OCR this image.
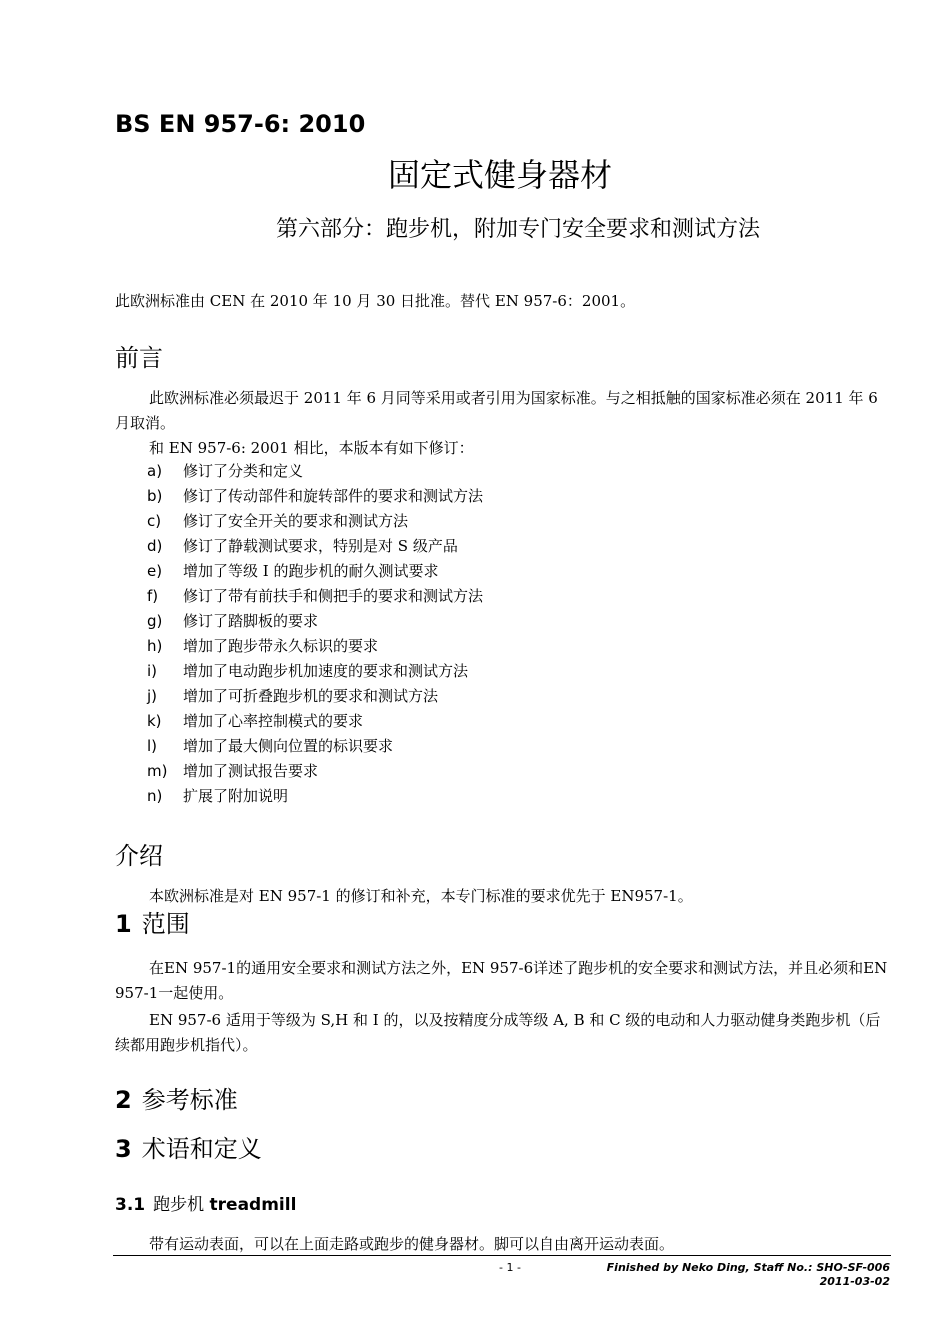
BS EN 957-6: 2010
固定式健身器材
第六部分：跑步机，附加专门安全要求和测试方法
此欧洲标准由 CEN 在 2010 年 10 月 30 日批准。替代 EN 957-6：2001。
前言
此欧洲标准必须最迟于 2011 年 6 月同等采用或者引用为国家标准。与之相抵触的国家标准必须在 2011 年 6 月取消。
和 EN 957-6: 2001 相比，本版本有如下修订：
a)	修订了分类和定义
b)	修订了传动部件和旋转部件的要求和测试方法
c)	修订了安全开关的要求和测试方法
d)	修订了静载测试要求，特别是对 S 级产品
e)	增加了等级 I 的跑步机的耐久测试要求
f)	修订了带有前扶手和侧把手的要求和测试方法
g)	修订了踏脚板的要求
h)	增加了跑步带永久标识的要求
i)	增加了电动跑步机加速度的要求和测试方法
j)	增加了可折叠跑步机的要求和测试方法
k)	增加了心率控制模式的要求
l)	增加了最大侧向位置的标识要求
m)	增加了测试报告要求
n)	扩展了附加说明
介绍
本欧洲标准是对 EN 957-1 的修订和补充，本专门标准的要求优先于 EN957-1。
1 范围
在EN 957-1的通用安全要求和测试方法之外，EN 957-6详述了跑步机的安全要求和测试方法，并且必须和EN 957-1一起使用。
EN 957-6 适用于等级为 S,H 和 I 的，以及按精度分成等级 A, B 和 C 级的电动和人力驱动健身类跑步机（后续都用跑步机指代）。
2 参考标准
3 术语和定义
3.1 跑步机 treadmill
带有运动表面，可以在上面走路或跑步的健身器材。脚可以自由离开运动表面。
- 1 -	Finished by Neko Ding, Staff No.: SHO-SF-006
2011-03-02
